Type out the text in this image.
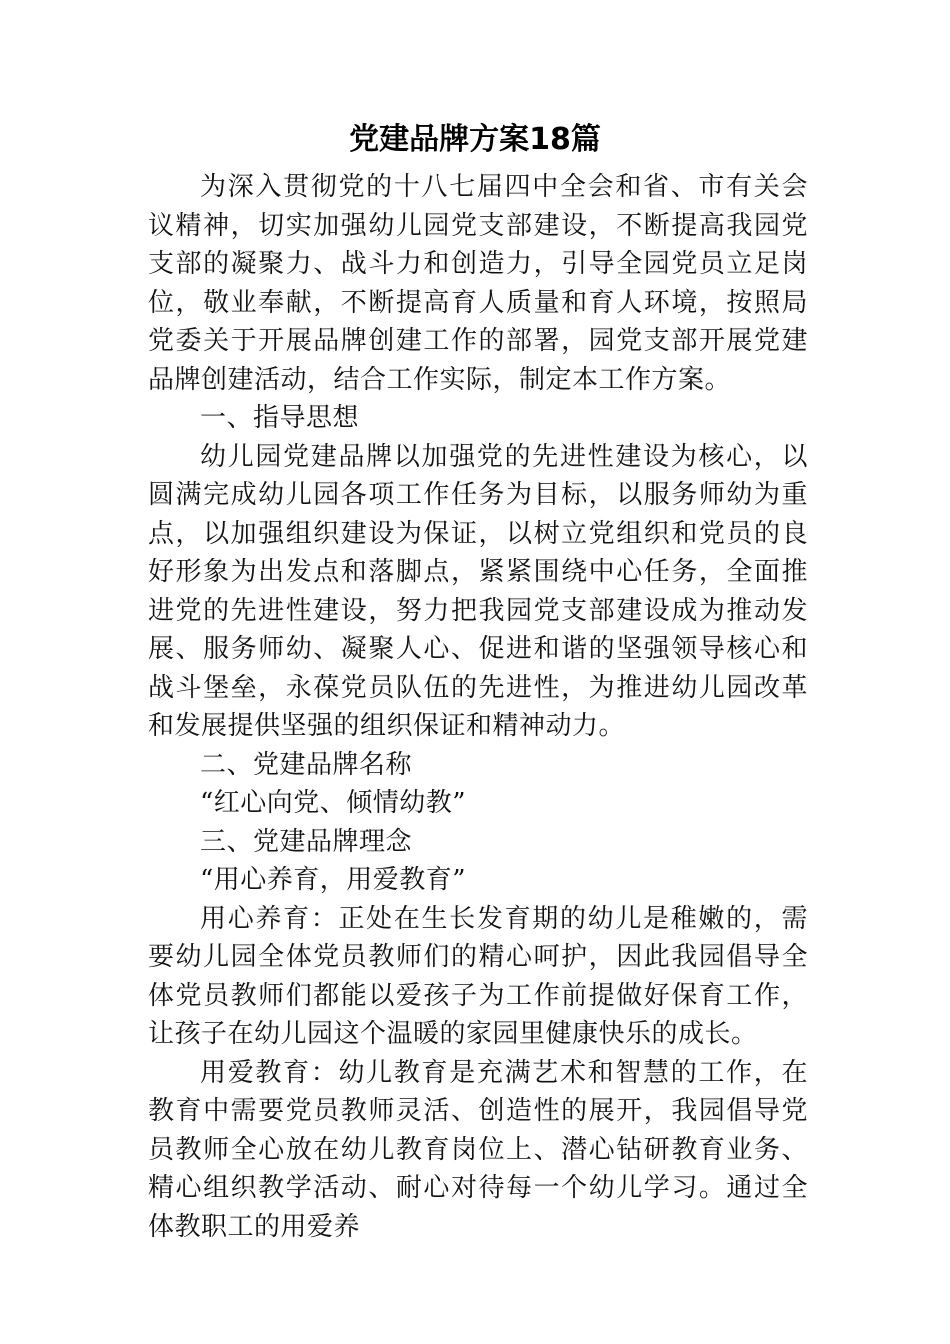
党建品牌方案18篇

为深入贯彻党的十八七届四中全会和省、市有关会议精神，切实加强幼儿园党支部建设，不断提高我园党支部的凝聚力、战斗力和创造力，引导全园党员立足岗位，敬业奉献，不断提高育人质量和育人环境，按照局党委关于开展品牌创建工作的部署，园党支部开展党建品牌创建活动，结合工作实际，制定本工作方案。

一、指导思想

幼儿园党建品牌以加强党的先进性建设为核心，以圆满完成幼儿园各项工作任务为目标，以服务师幼为重点，以加强组织建设为保证，以树立党组织和党员的良好形象为出发点和落脚点，紧紧围绕中心任务，全面推进党的先进性建设，努力把我园党支部建设成为推动发展、服务师幼、凝聚人心、促进和谐的坚强领导核心和战斗堡垒，永葆党员队伍的先进性，为推进幼儿园改革和发展提供坚强的组织保证和精神动力。

二、党建品牌名称

“红心向党、倾情幼教”

三、党建品牌理念

“用心养育，用爱教育”

用心养育：正处在生长发育期的幼儿是稚嫩的，需要幼儿园全体党员教师们的精心呵护，因此我园倡导全体党员教师们都能以爱孩子为工作前提做好保育工作，让孩子在幼儿园这个温暖的家园里健康快乐的成长。

用爱教育：幼儿教育是充满艺术和智慧的工作，在教育中需要党员教师灵活、创造性的展开，我园倡导党员教师全心放在幼儿教育岗位上、潜心钻研教育业务、精心组织教学活动、耐心对待每一个幼儿学习。通过全体教职工的用爱养
